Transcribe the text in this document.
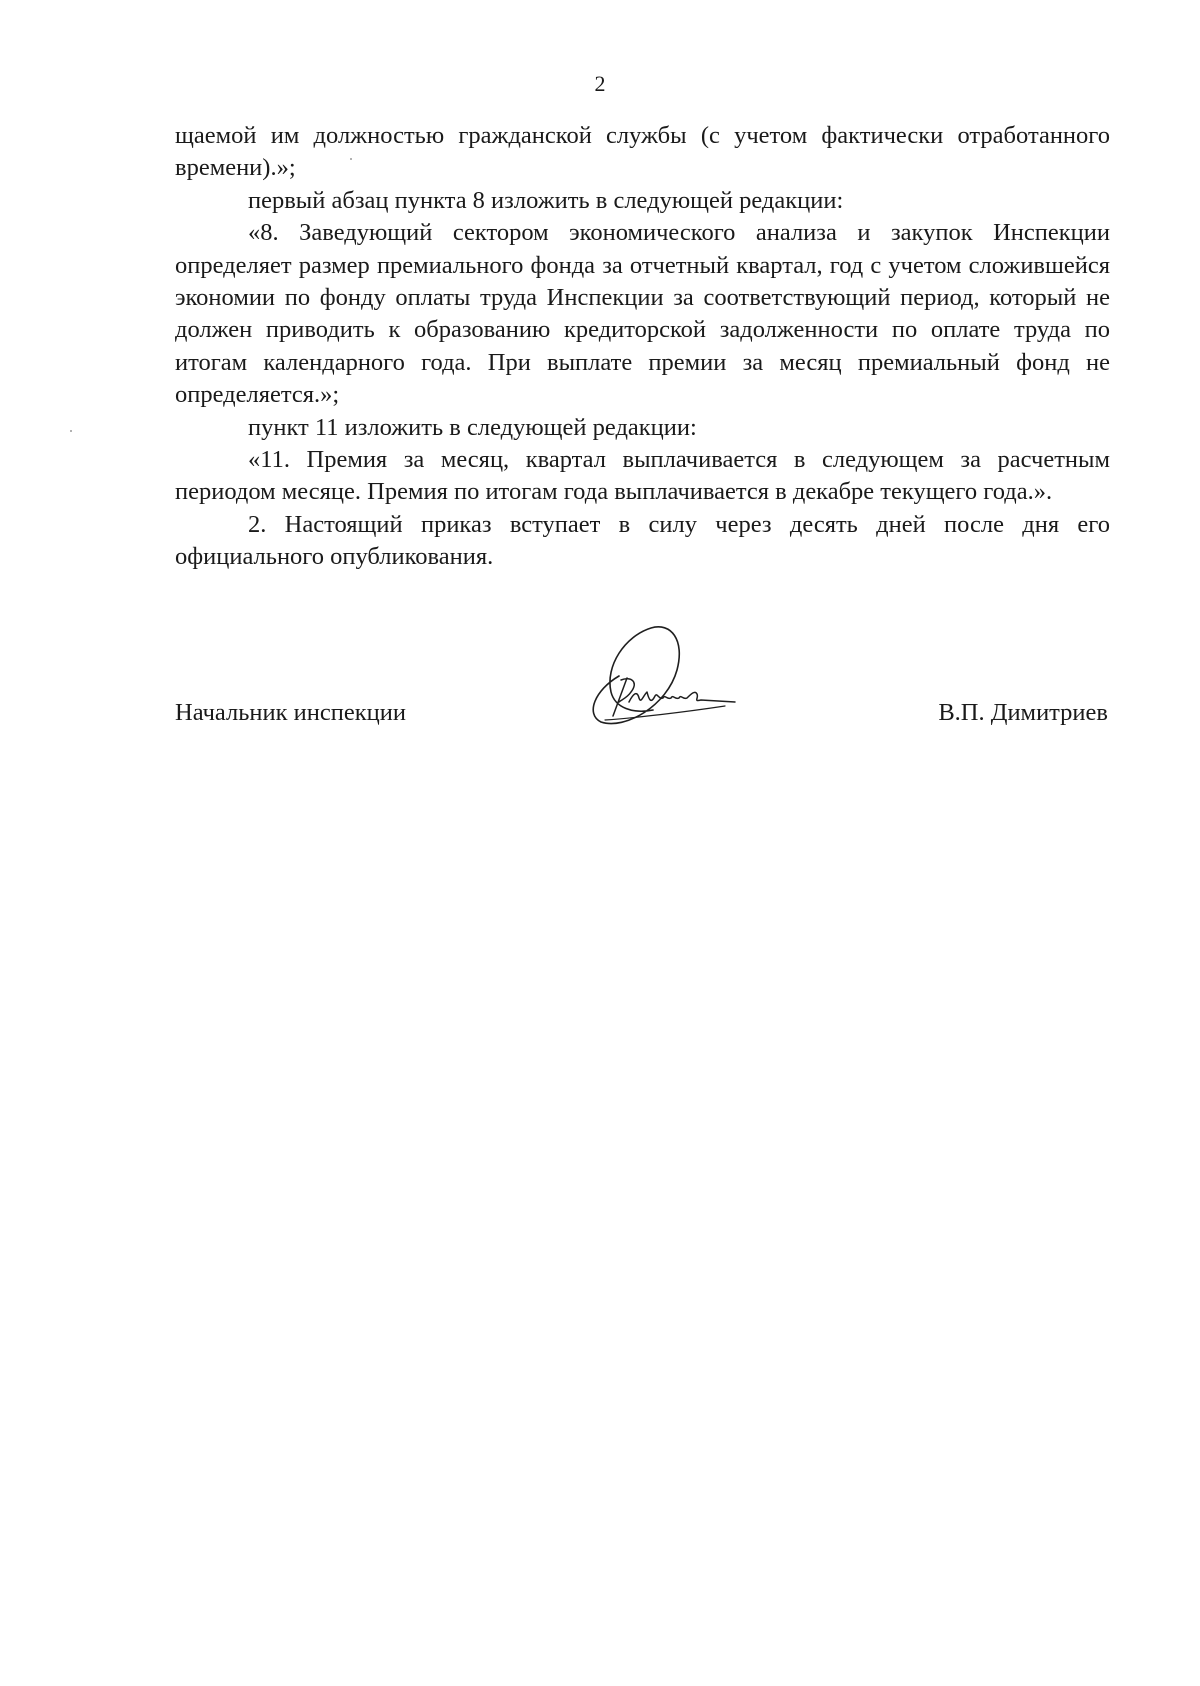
2

щаемой им должностью гражданской службы (с учетом фактически отработанного времени).»;

первый абзац пункта 8 изложить в следующей редакции:

«8. Заведующий сектором экономического анализа и закупок Инспекции определяет размер премиального фонда за отчетный квартал, год с учетом сложившейся экономии по фонду оплаты труда Инспекции за соответствующий период, который не должен приводить к образованию кредиторской задолженности по оплате труда по итогам календарного года. При выплате премии за месяц премиальный фонд не определяется.»;

пункт 11 изложить в следующей редакции:

«11. Премия за месяц, квартал выплачивается в следующем за расчетным периодом месяце. Премия по итогам года выплачивается в декабре текущего года.».

2. Настоящий приказ вступает в силу через десять дней после дня его официального опубликования.

Начальник инспекции	В.П. Димитриев
